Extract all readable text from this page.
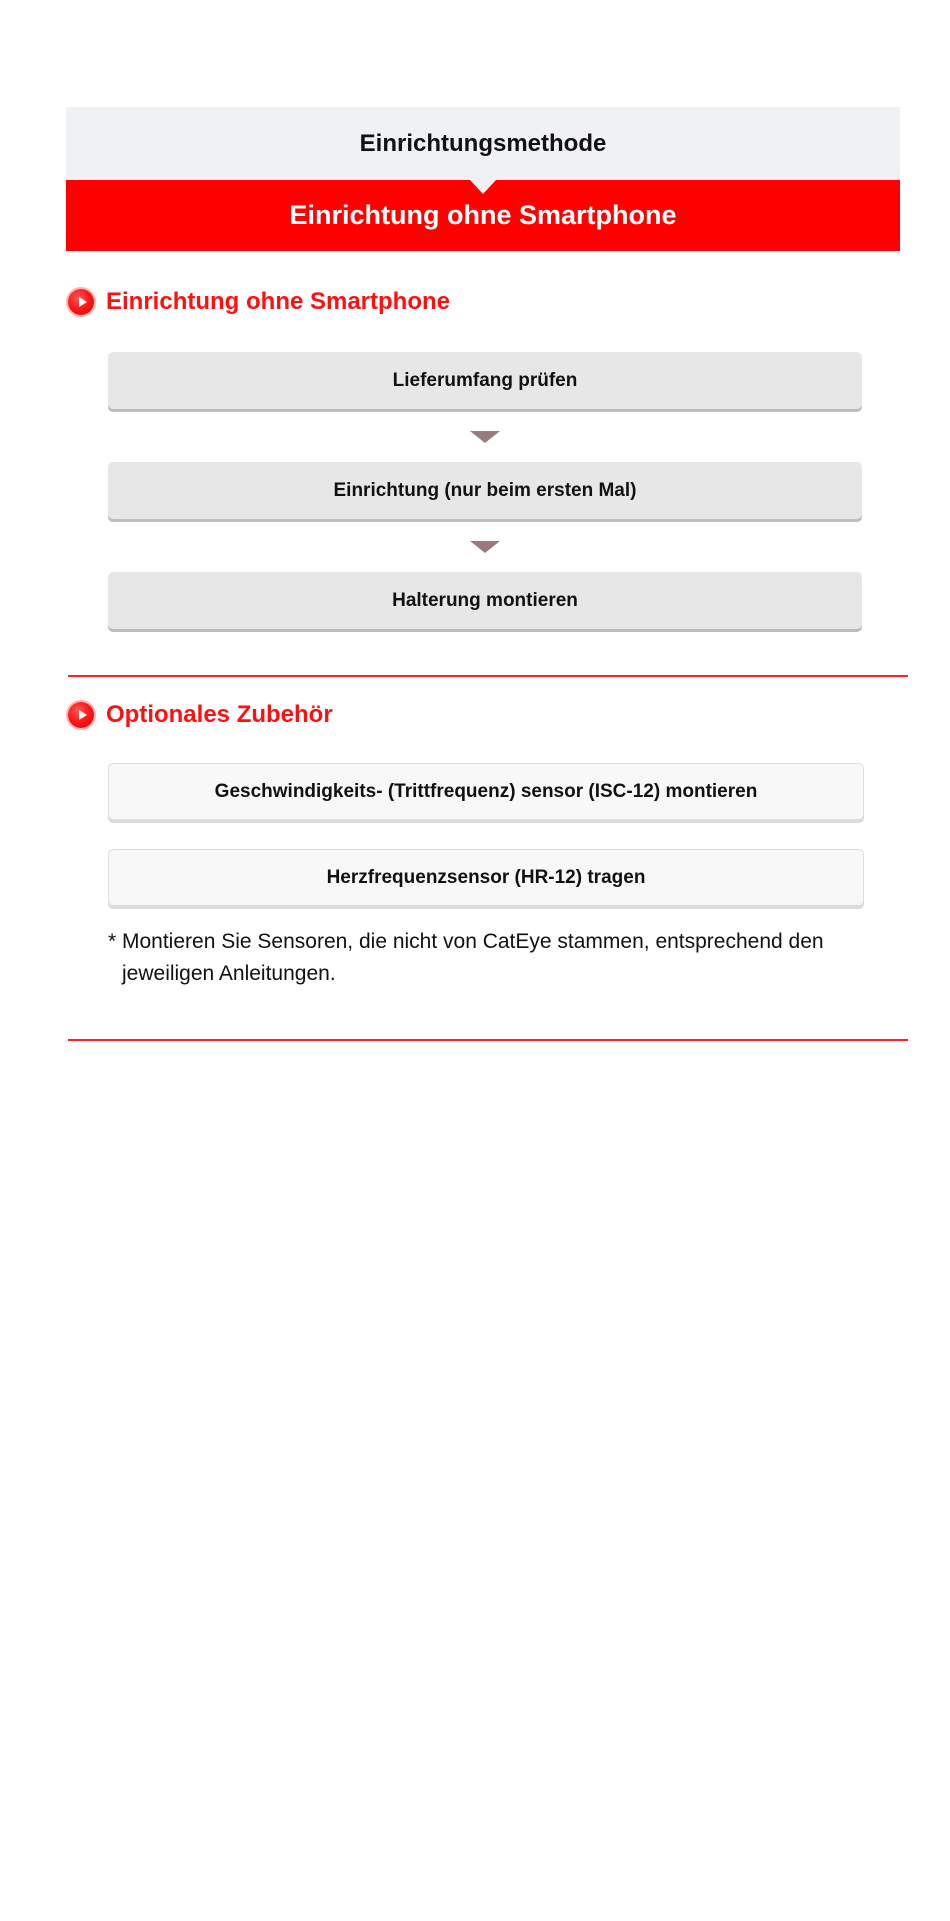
Einrichtungsmethode
Einrichtung ohne Smartphone
Einrichtung ohne Smartphone
Lieferumfang prüfen
Einrichtung (nur beim ersten Mal)
Halterung montieren
Optionales Zubehör
Geschwindigkeits- (Trittfrequenz) sensor (ISC-12) montieren
Herzfrequenzsensor (HR-12) tragen
* Montieren Sie Sensoren, die nicht von CatEye stammen, entsprechend den jeweiligen Anleitungen.
